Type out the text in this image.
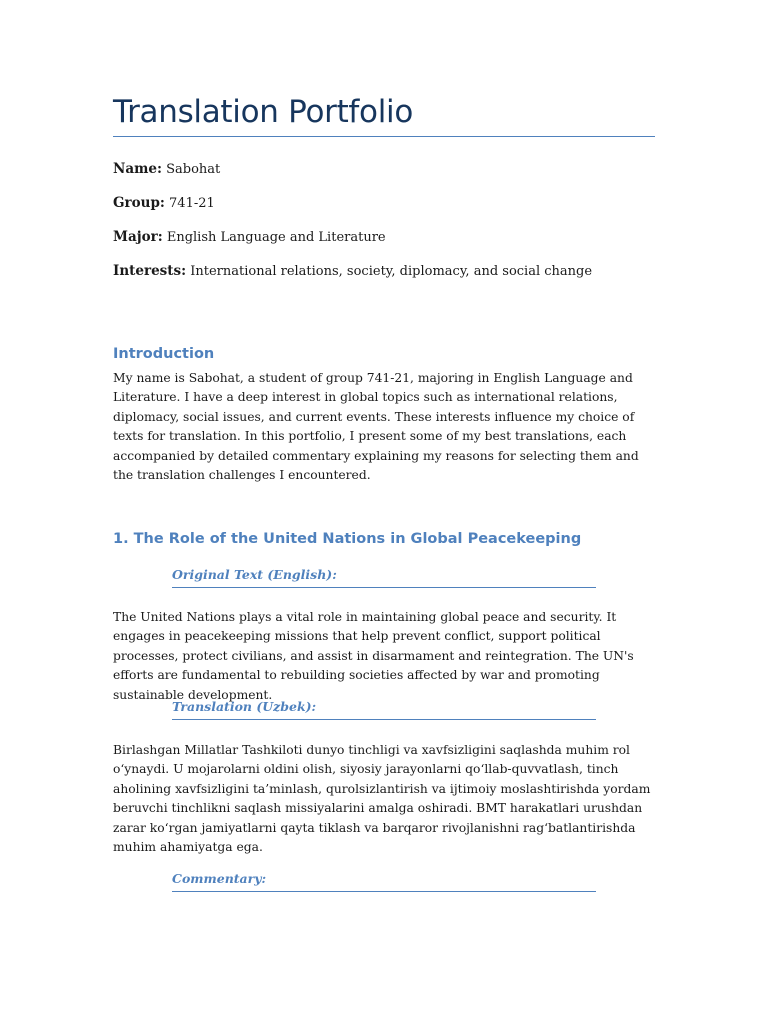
Translation Portfolio
Name: Sabohat
Group: 741-21
Major: English Language and Literature
Interests: International relations, society, diplomacy, and social change
Introduction

My name is Sabohat, a student of group 741-21, majoring in English Language and Literature. I have a deep interest in global topics such as international relations, diplomacy, social issues, and current events. These interests influence my choice of texts for translation. In this portfolio, I present some of my best translations, each accompanied by detailed commentary explaining my reasons for selecting them and the translation challenges I encountered.

1. The Role of the United Nations in Global Peacekeeping
Original Text (English):

The United Nations plays a vital role in maintaining global peace and security. It engages in peacekeeping missions that help prevent conflict, support political processes, protect civilians, and assist in disarmament and reintegration. The UN's efforts are fundamental to rebuilding societies affected by war and promoting sustainable development.

Translation (Uzbek):

Birlashgan Millatlar Tashkiloti dunyo tinchligi va xavfsizligini saqlashda muhim rol o‘ynaydi. U mojarolarni oldini olish, siyosiy jarayonlarni qo‘llab-quvvatlash, tinch aholining xavfsizligini ta’minlash, qurolsizlantirish va ijtimoiy moslashtirishda yordam beruvchi tinchlikni saqlash missiyalarini amalga oshiradi. BMT harakatlari urushdan zarar ko‘rgan jamiyatlarni qayta tiklash va barqaror rivojlanishni rag‘batlantirishda muhim ahamiyatga ega.

Commentary:
